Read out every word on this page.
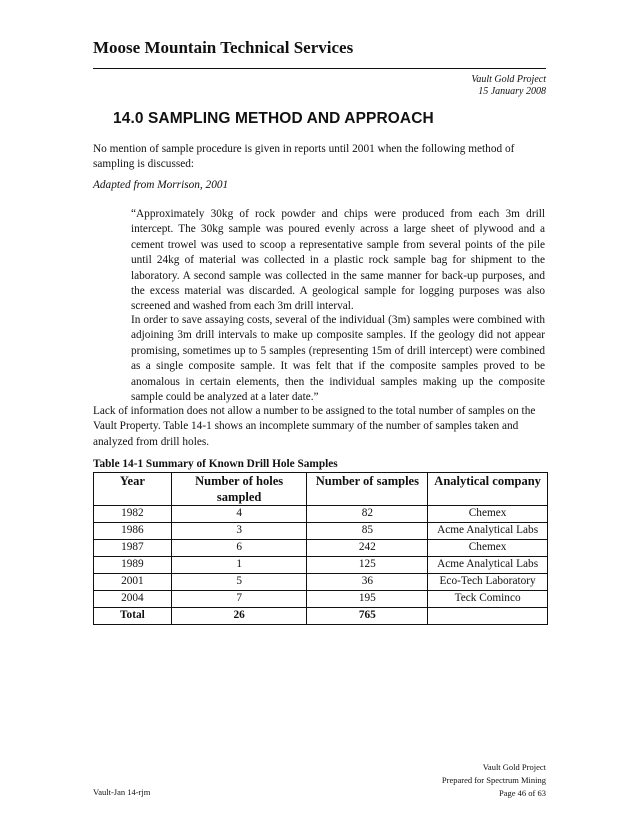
Moose Mountain Technical Services
Vault Gold Project
15 January 2008
14.0 SAMPLING METHOD AND APPROACH

No mention of sample procedure is given in reports until 2001 when the following method of sampling is discussed:

Adapted from Morrison, 2001

“Approximately 30kg of rock powder and chips were produced from each 3m drill intercept. The 30kg sample was poured evenly across a large sheet of plywood and a cement trowel was used to scoop a representative sample from several points of the pile until 24kg of material was collected in a plastic rock sample bag for shipment to the laboratory. A second sample was collected in the same manner for back-up purposes, and the excess material was discarded. A geological sample for logging purposes was also screened and washed from each 3m drill interval.

In order to save assaying costs, several of the individual (3m) samples were combined with adjoining 3m drill intervals to make up composite samples. If the geology did not appear promising, sometimes up to 5 samples (representing 15m of drill intercept) were combined as a single composite sample. It was felt that if the composite samples proved to be anomalous in certain elements, then the individual samples making up the composite sample could be analyzed at a later date.”

Lack of information does not allow a number to be assigned to the total number of samples on the Vault Property. Table 14-1 shows an incomplete summary of the number of samples taken and analyzed from drill holes.

Table 14-1 Summary of Known Drill Hole Samples
Year	Number of holes sampled	Number of samples	Analytical company
1982	4	82	Chemex
1986	3	85	Acme Analytical Labs
1987	6	242	Chemex
1989	1	125	Acme Analytical Labs
2001	5	36	Eco-Tech Laboratory
2004	7	195	Teck Cominco
Total	26	765	
Vault-Jan 14-rjm
Vault Gold Project
Prepared for Spectrum Mining
Page 46 of 63
